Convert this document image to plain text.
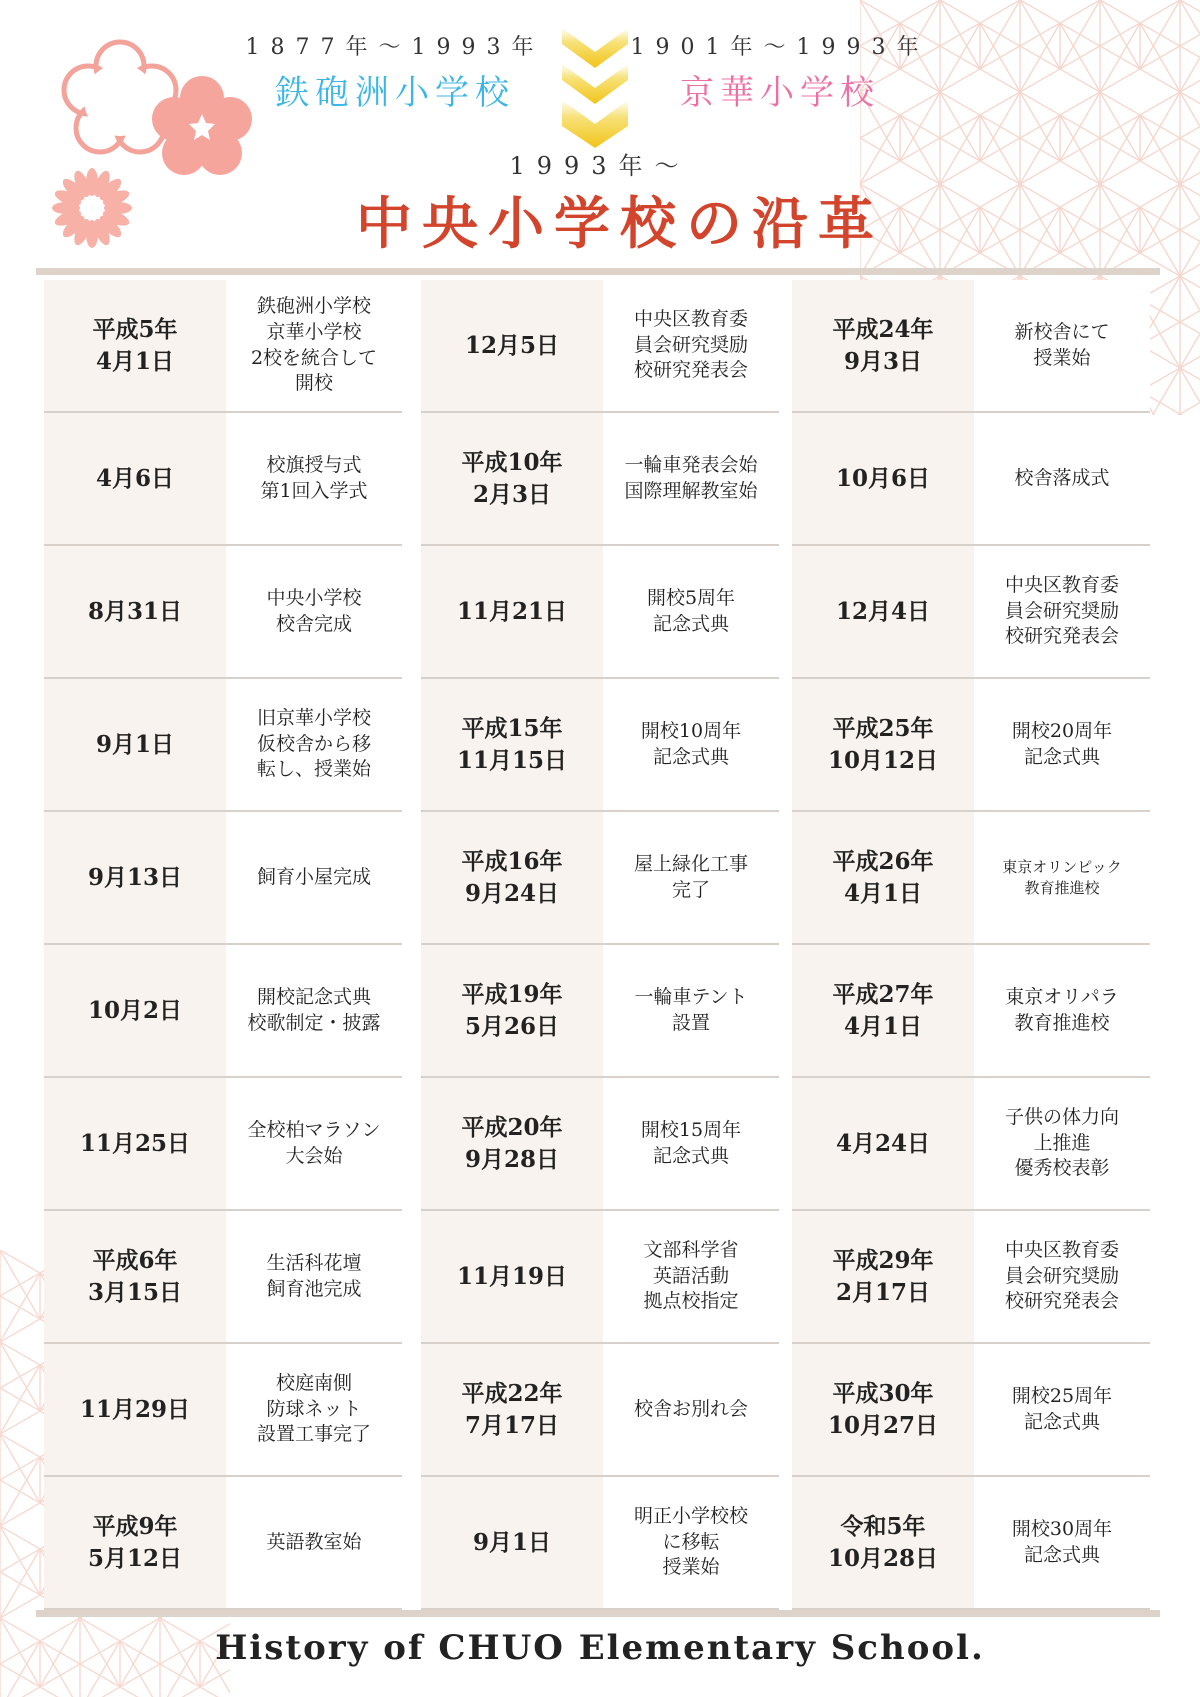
1877年～1993年
鉄砲洲小学校
1901年～1993年
京華小学校
1993年～
中央小学校の沿革
平成5年
4月1日
鉄砲洲小学校
京華小学校
2校を統合して
開校
4月6日
校旗授与式
第1回入学式
8月31日
中央小学校
校舎完成
9月1日
旧京華小学校
仮校舎から移
転し、授業始
9月13日	飼育小屋完成
10月2日
開校記念式典
校歌制定・披露
11月25日
全校柏マラソン
大会始
平成6年
3月15日
生活科花壇
飼育池完成
11月29日
校庭南側
防球ネット
設置工事完了
平成9年
5月12日
英語教室始
12月5日
中央区教育委
員会研究奨励
校研究発表会
平成10年
2月3日
一輪車発表会始
国際理解教室始
11月21日
開校5周年
記念式典
平成15年
11月15日
開校10周年
記念式典
平成16年
9月24日
屋上緑化工事
完了
平成19年
5月26日
一輪車テント
設置
平成20年
9月28日
開校15周年
記念式典
11月19日
文部科学省
英語活動
拠点校指定
平成22年
7月17日
校舎お別れ会
9月1日
明正小学校校
に移転
授業始
平成24年
9月3日
新校舎にて
授業始
10月6日	校舎落成式
12月4日
中央区教育委
員会研究奨励
校研究発表会
平成25年
10月12日
開校20周年
記念式典
平成26年
4月1日
東京オリンピック
教育推進校
平成27年
4月1日
東京オリパラ
教育推進校
4月24日
子供の体力向
上推進
優秀校表彰
平成29年
2月17日
中央区教育委
員会研究奨励
校研究発表会
平成30年
10月27日
開校25周年
記念式典
令和5年
10月28日
開校30周年
記念式典
History of CHUO Elementary School.
